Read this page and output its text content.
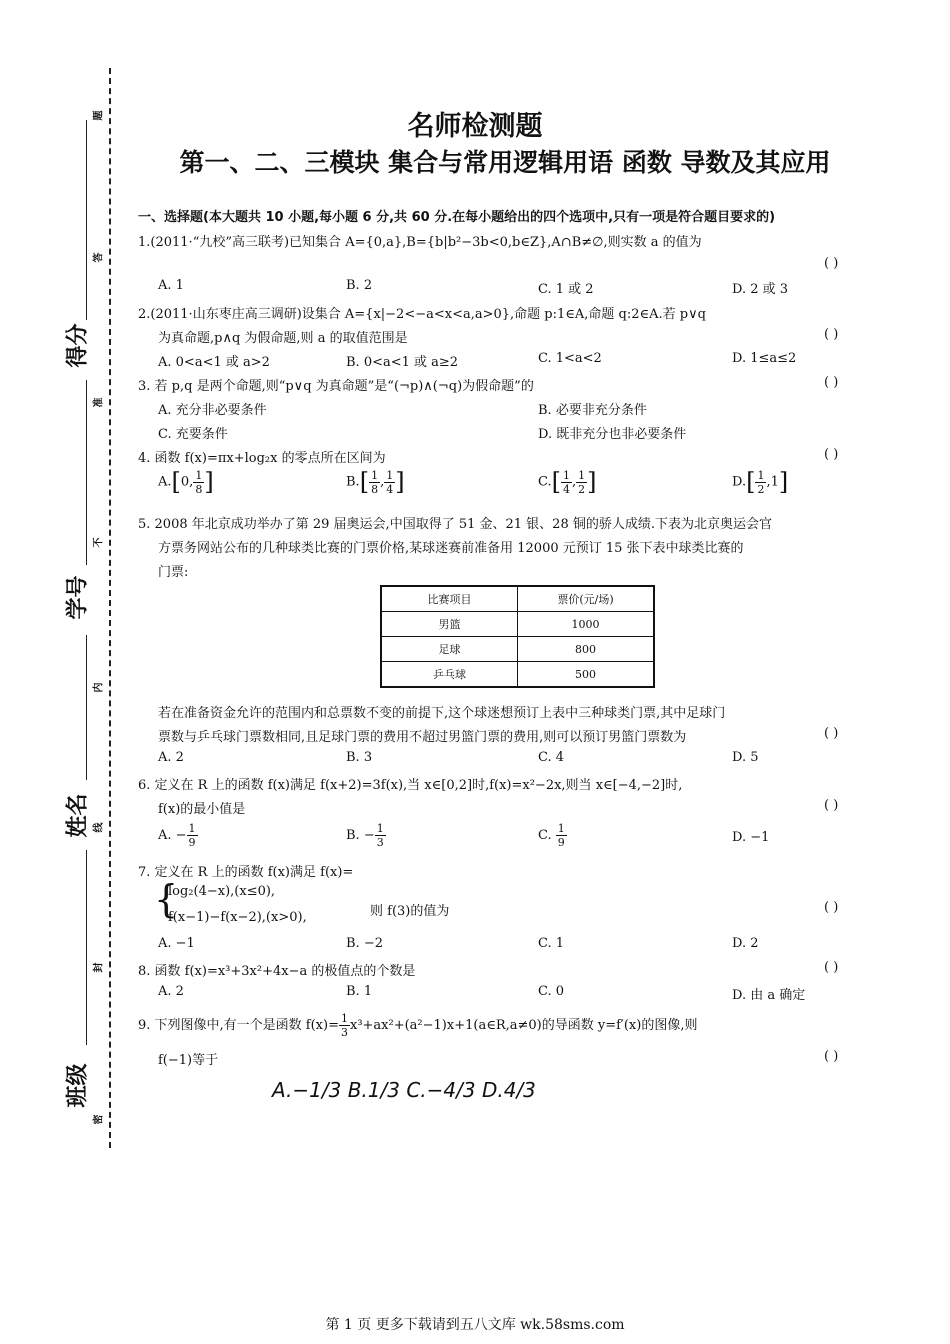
题
答
准
不
内
线
封
密
得分
学号
姓名
班级
名师检测题
第一、二、三模块 集合与常用逻辑用语 函数 导数及其应用
一、选择题(本大题共 10 小题,每小题 6 分,共 60 分.在每小题给出的四个选项中,只有一项是符合题目要求的)
1.(2011·“九校”高三联考)已知集合 A={0,a},B={b|b²−3b<0,b∈Z},A∩B≠∅,则实数 a 的值为
( )
A. 1	B. 2	C. 1 或 2	D. 2 或 3
2.(2011·山东枣庄高三调研)设集合 A={x|−2<−a<x<a,a>0},命题 p:1∈A,命题 q:2∈A.若 p∨q
为真命题,p∧q 为假命题,则 a 的取值范围是	( )
A. 0<a<1 或 a>2	B. 0<a<1 或 a≥2	C. 1<a<2	D. 1≤a≤2
3. 若 p,q 是两个命题,则“p∨q 为真命题”是“(¬p)∧(¬q)为假命题”的	( )
A. 充分非必要条件	B. 必要非充分条件
C. 充要条件	D. 既非充分也非必要条件
4. 函数 f(x)=πx+log₂x 的零点所在区间为	( )
A.[0, $\frac{1}{8}$ ]	$B.[ \frac{1}{8}$ , $\frac{1}{4}$ ]	$C.[ \frac{1}{4}$ , $\frac{1}{2}$ ]	$D.[ \frac{1}{2} ,1]$
5. 2008 年北京成功举办了第 29 届奥运会,中国取得了 51 金、21 银、28 铜的骄人成绩.下表为北京奥运会官
方票务网站公布的几种球类比赛的门票价格,某球迷赛前准备用 12000 元预订 15 张下表中球类比赛的
门票:
比赛项目	票价(元/场)
男篮	1000
足球	800
乒乓球	500
若在准备资金允许的范围内和总票数不变的前提下,这个球迷想预订上表中三种球类门票,其中足球门
票数与乒乓球门票数相同,且足球门票的费用不超过男篮门票的费用,则可以预订男篮门票数为	( )
A. 2	B. 3	C. 4	D. 5
6. 定义在 R 上的函数 f(x)满足 f(x+2)=3f(x),当 x∈[0,2]时,f(x)=x²−2x,则当 x∈[−4,−2]时,
f(x)的最小值是	( )
A. − $\frac{1}{9}$	B. − $\frac{1}{3}$	C. $\frac{1}{9}$	D. −1
7. 定义在 R 上的函数 f(x)满足 f(x)=
{
log₂(4−x),(x≤0),
f(x−1)−f(x−2),(x>0),	则 f(3)的值为	( )
A. −1	B. −2	C. 1	D. 2
8. 函数 f(x)=x³+3x²+4x−a 的极值点的个数是	( )
A. 2	B. 1	C. 0	D. 由 a 确定
9. 下列图像中,有一个是函数 $f(x)= \frac{1}{3}$ x³+ax²+(a²−1)x+1(a∈R,a≠0)的导函数 y=f′(x)的图像,则
f(−1)等于	( )
A.−1/3 B.1/3 C.−4/3 D.4/3
第 1 页 更多下载请到五八文库 wk.58sms.com
